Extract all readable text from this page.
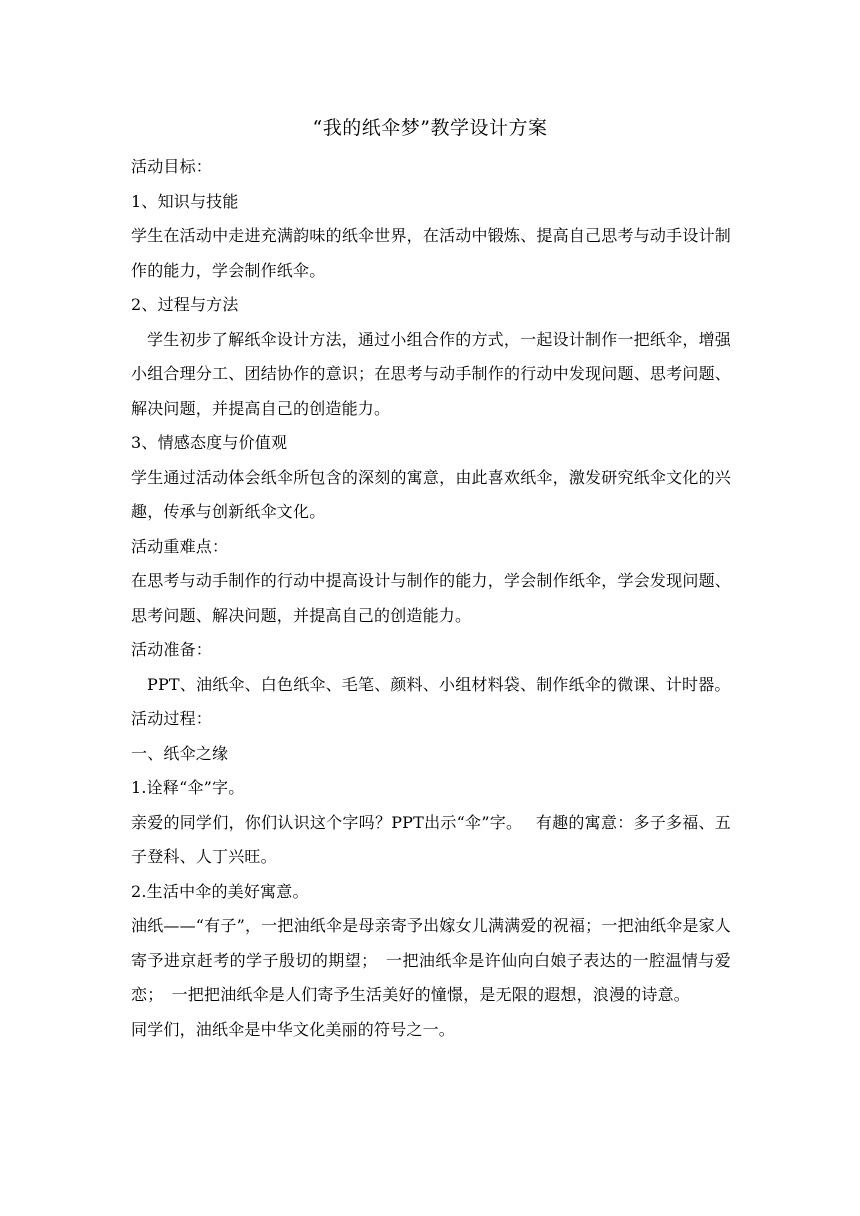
“我的纸伞梦”教学设计方案

活动目标：

1、知识与技能

学生在活动中走进充满韵味的纸伞世界，在活动中锻炼、提高自己思考与动手设计制作的能力，学会制作纸伞。

2、过程与方法

学生初步了解纸伞设计方法，通过小组合作的方式，一起设计制作一把纸伞，增强小组合理分工、团结协作的意识；在思考与动手制作的行动中发现问题、思考问题、解决问题，并提高自己的创造能力。

3、情感态度与价值观

学生通过活动体会纸伞所包含的深刻的寓意，由此喜欢纸伞，激发研究纸伞文化的兴趣，传承与创新纸伞文化。

活动重难点：

在思考与动手制作的行动中提高设计与制作的能力，学会制作纸伞，学会发现问题、思考问题、解决问题，并提高自己的创造能力。

活动准备：

PPT、油纸伞、白色纸伞、毛笔、颜料、小组材料袋、制作纸伞的微课、计时器。

活动过程：

一、纸伞之缘

1.诠释“伞”字。

亲爱的同学们，你们认识这个字吗？PPT出示“伞”字。　 有趣的寓意：多子多福、五子登科、人丁兴旺。

2.生活中伞的美好寓意。

油纸——“有子”，一把油纸伞是母亲寄予出嫁女儿满满爱的祝福；一把油纸伞是家人寄予进京赶考的学子殷切的期望；　一把油纸伞是许仙向白娘子表达的一腔温情与爱恋；　一把把油纸伞是人们寄予生活美好的憧憬，是无限的遐想，浪漫的诗意。

同学们，油纸伞是中华文化美丽的符号之一。
